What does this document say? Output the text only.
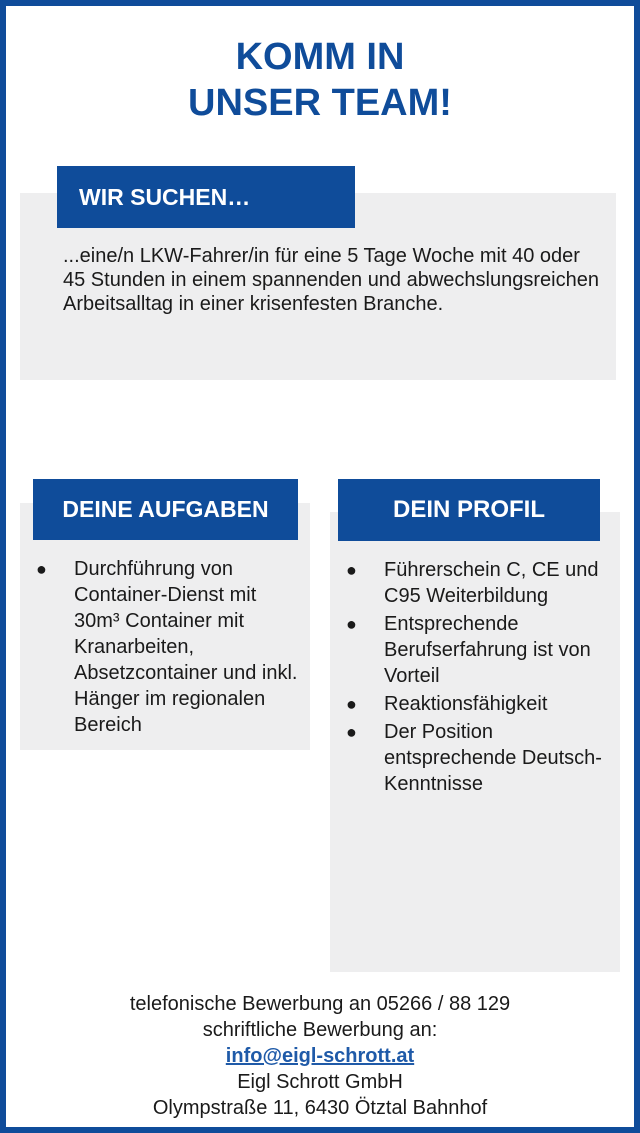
KOMM IN
UNSER TEAM!
WIR SUCHEN…
...eine/n LKW-Fahrer/in für eine 5 Tage Woche mit 40 oder 45 Stunden in einem spannenden und abwechslungsreichen Arbeitsalltag in einer krisenfesten Branche.
DEINE AUFGABEN
● Durchführung von Container-Dienst mit 30m³ Container mit Kranarbeiten, Absetzcontainer und inkl. Hänger im regionalen Bereich
DEIN PROFIL
● Führerschein C, CE und C95 Weiterbildung
● Entsprechende Berufserfahrung ist von Vorteil
● Reaktionsfähigkeit
● Der Position entsprechende Deutsch-Kenntnisse
telefonische Bewerbung an 05266 / 88 129
schriftliche Bewerbung an:
info@eigl-schrott.at
Eigl Schrott GmbH
Olympstraße 11, 6430 Ötztal Bahnhof
